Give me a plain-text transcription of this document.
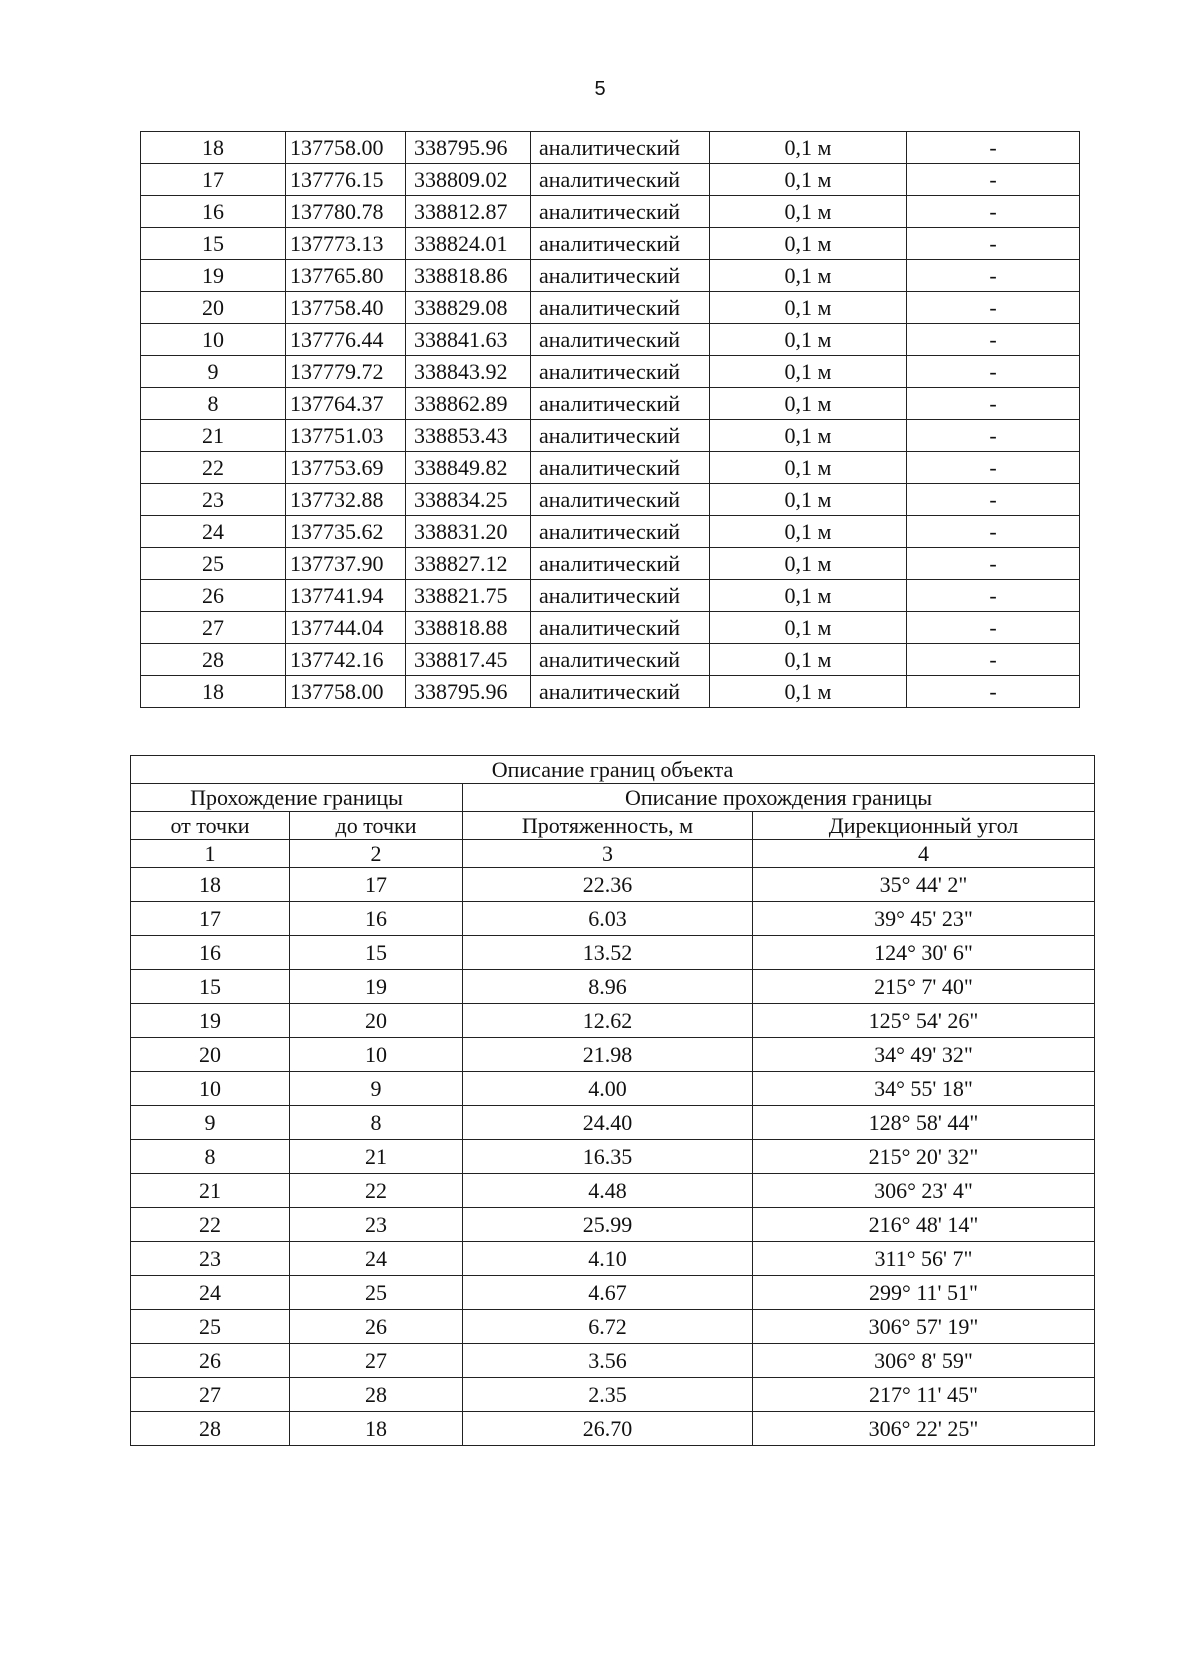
5
18	137758.00	338795.96	аналитический	0,1 м	-
17	137776.15	338809.02	аналитический	0,1 м	-
16	137780.78	338812.87	аналитический	0,1 м	-
15	137773.13	338824.01	аналитический	0,1 м	-
19	137765.80	338818.86	аналитический	0,1 м	-
20	137758.40	338829.08	аналитический	0,1 м	-
10	137776.44	338841.63	аналитический	0,1 м	-
9	137779.72	338843.92	аналитический	0,1 м	-
8	137764.37	338862.89	аналитический	0,1 м	-
21	137751.03	338853.43	аналитический	0,1 м	-
22	137753.69	338849.82	аналитический	0,1 м	-
23	137732.88	338834.25	аналитический	0,1 м	-
24	137735.62	338831.20	аналитический	0,1 м	-
25	137737.90	338827.12	аналитический	0,1 м	-
26	137741.94	338821.75	аналитический	0,1 м	-
27	137744.04	338818.88	аналитический	0,1 м	-
28	137742.16	338817.45	аналитический	0,1 м	-
18	137758.00	338795.96	аналитический	0,1 м	-
Описание границ объекта			
Прохождение границы		Описание прохождения границы	
от точки	до точки	Протяженность, м	Дирекционный угол
1	2	3	4
18	17	22.36	35° 44' 2"
17	16	6.03	39° 45' 23"
16	15	13.52	124° 30' 6"
15	19	8.96	215° 7' 40"
19	20	12.62	125° 54' 26"
20	10	21.98	34° 49' 32"
10	9	4.00	34° 55' 18"
9	8	24.40	128° 58' 44"
8	21	16.35	215° 20' 32"
21	22	4.48	306° 23' 4"
22	23	25.99	216° 48' 14"
23	24	4.10	311° 56' 7"
24	25	4.67	299° 11' 51"
25	26	6.72	306° 57' 19"
26	27	3.56	306° 8' 59"
27	28	2.35	217° 11' 45"
28	18	26.70	306° 22' 25"
